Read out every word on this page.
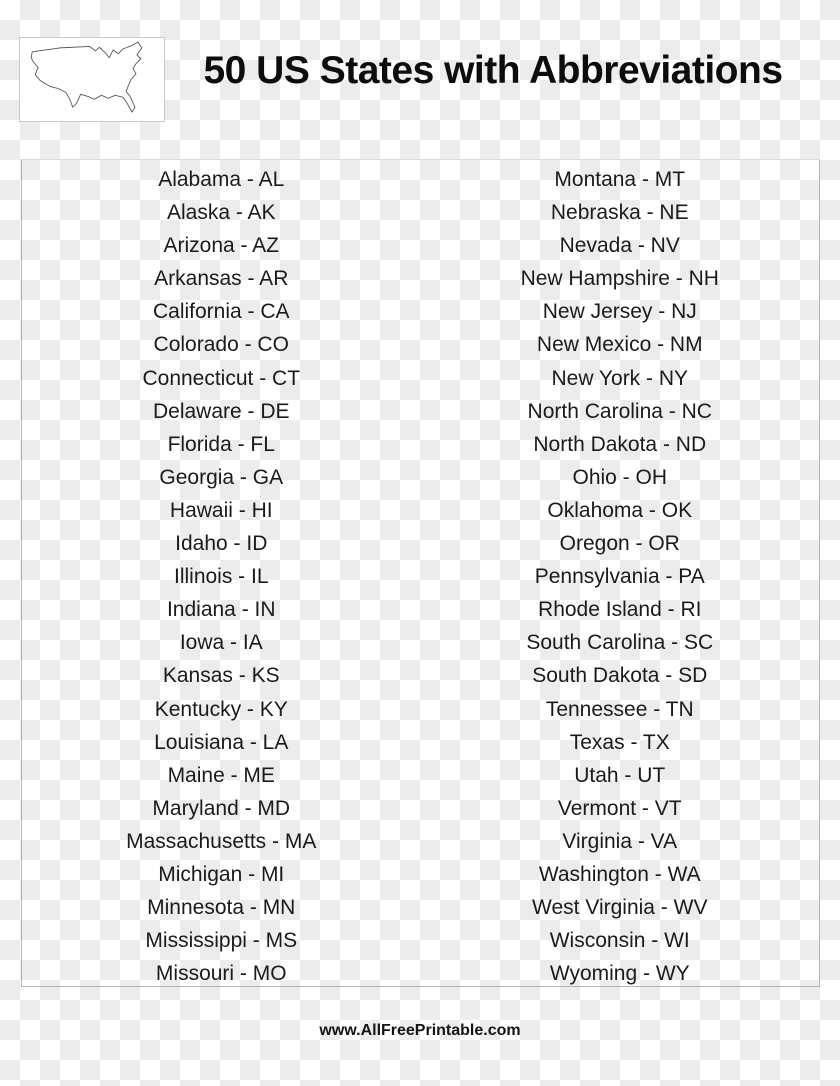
50 US States with Abbreviations
Alabama - AL
Alaska - AK
Arizona - AZ
Arkansas - AR
California - CA
Colorado - CO
Connecticut - CT
Delaware - DE
Florida - FL
Georgia - GA
Hawaii - HI
Idaho - ID
Illinois - IL
Indiana - IN
Iowa - IA
Kansas - KS
Kentucky - KY
Louisiana - LA
Maine - ME
Maryland - MD
Massachusetts - MA
Michigan - MI
Minnesota - MN
Mississippi - MS
Missouri - MO
Montana - MT
Nebraska - NE
Nevada - NV
New Hampshire - NH
New Jersey - NJ
New Mexico - NM
New York - NY
North Carolina - NC
North Dakota - ND
Ohio - OH
Oklahoma - OK
Oregon - OR
Pennsylvania - PA
Rhode Island - RI
South Carolina - SC
South Dakota - SD
Tennessee - TN
Texas - TX
Utah - UT
Vermont - VT
Virginia - VA
Washington - WA
West Virginia - WV
Wisconsin - WI
Wyoming - WY
www.AllFreePrintable.com
